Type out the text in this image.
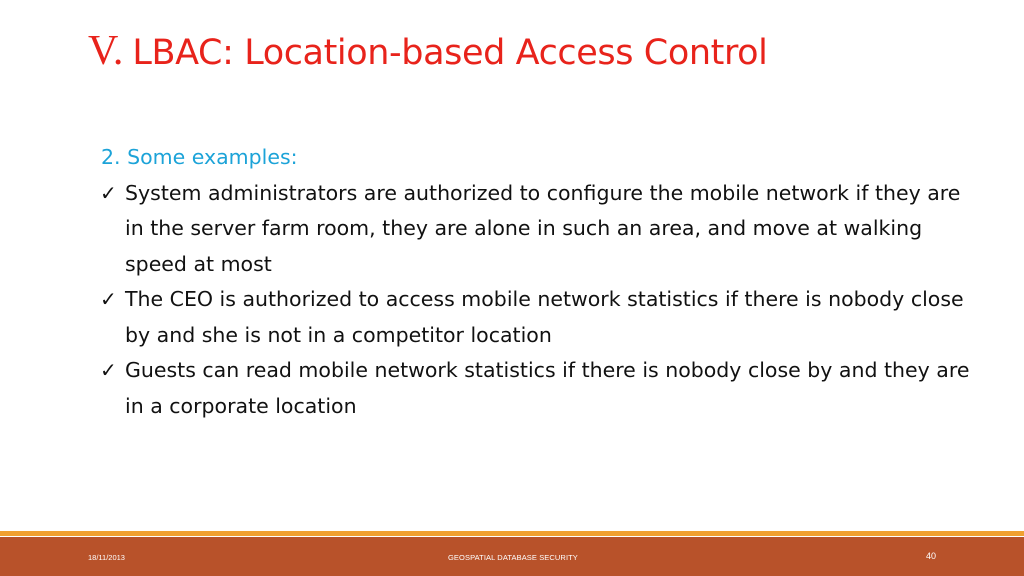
V. LBAC: Location-based Access Control
2. Some examples:
✓ System administrators are authorized to configure the mobile network if they are in the server farm room, they are alone in such an area, and move at walking speed at most
✓ The CEO is authorized to access mobile network statistics if there is nobody close by and she is not in a competitor location
✓ Guests can read mobile network statistics if there is nobody close by and they are in a corporate location
18/11/2013	GEOSPATIAL DATABASE SECURITY	40
